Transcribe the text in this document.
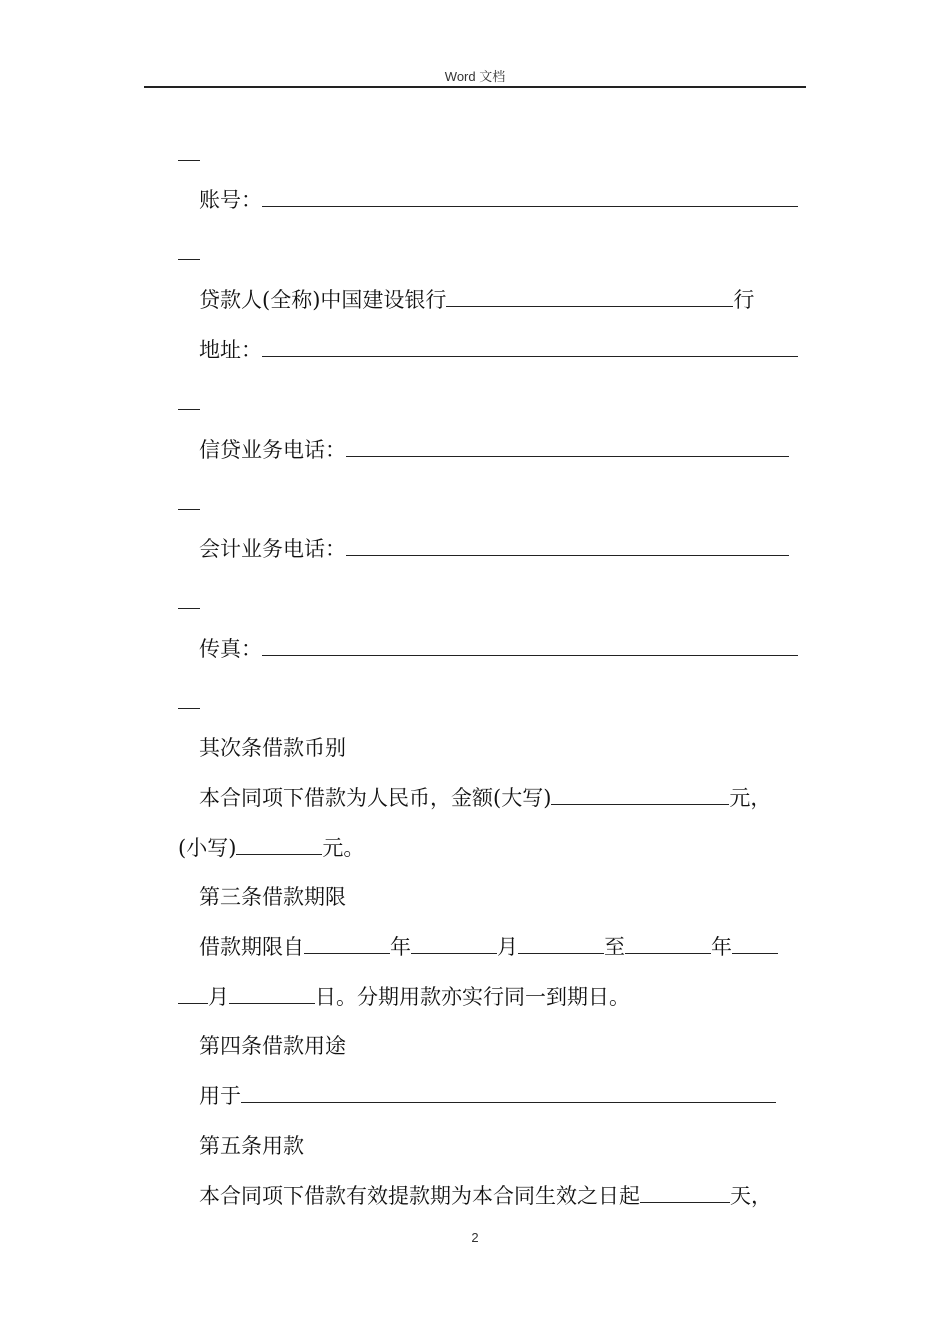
Word 文档
账号：
贷款人(全称)中国建设银行	行
地址：
信贷业务电话：
会计业务电话：
传真：
其次条借款币别
本合同项下借款为人民币，金额(大写)	元，
(小写)	元。
第三条借款期限
借款期限自	年	月	至	年
月	日。分期用款亦实行同一到期日。
第四条借款用途
用于
第五条用款
本合同项下借款有效提款期为本合同生效之日起	天，
2
